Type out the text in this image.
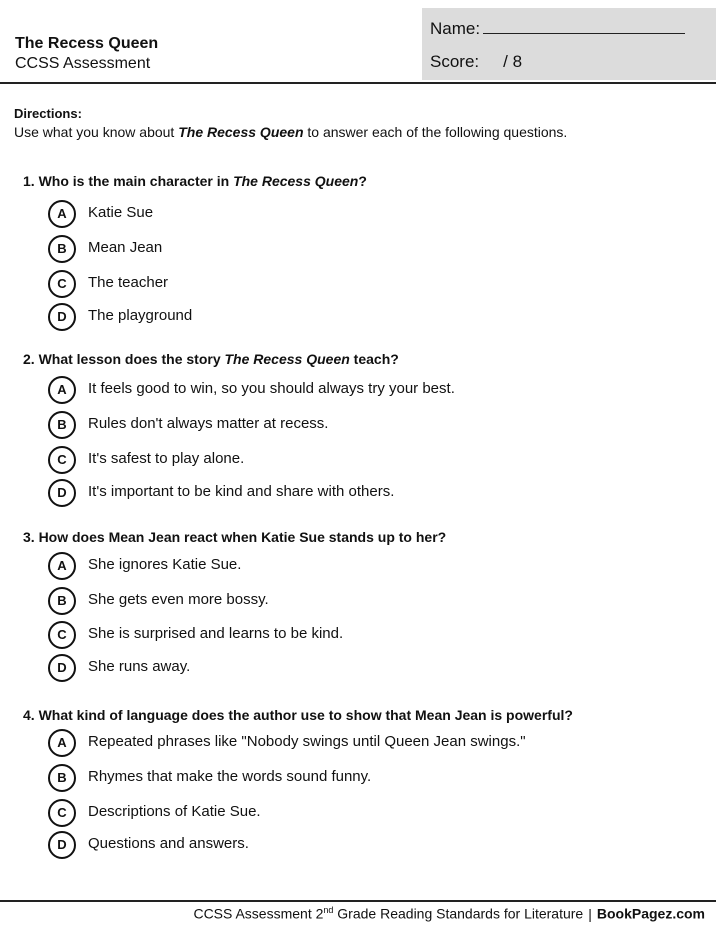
The Recess Queen
CCSS Assessment
Name:
Score: / 8
Directions:
Use what you know about The Recess Queen to answer each of the following questions.
1. Who is the main character in The Recess Queen?
A	Katie Sue
B	Mean Jean
C	The teacher
D	The playground
2. What lesson does the story The Recess Queen teach?
A	It feels good to win, so you should always try your best.
B	Rules don't always matter at recess.
C	It's safest to play alone.
D	It's important to be kind and share with others.
3. How does Mean Jean react when Katie Sue stands up to her?
A	She ignores Katie Sue.
B	She gets even more bossy.
C	She is surprised and learns to be kind.
D	She runs away.
4. What kind of language does the author use to show that Mean Jean is powerful?
A	Repeated phrases like "Nobody swings until Queen Jean swings."
B	Rhymes that make the words sound funny.
C	Descriptions of Katie Sue.
D	Questions and answers.
CCSS Assessment 2nd Grade Reading Standards for Literature | BookPagez.com
